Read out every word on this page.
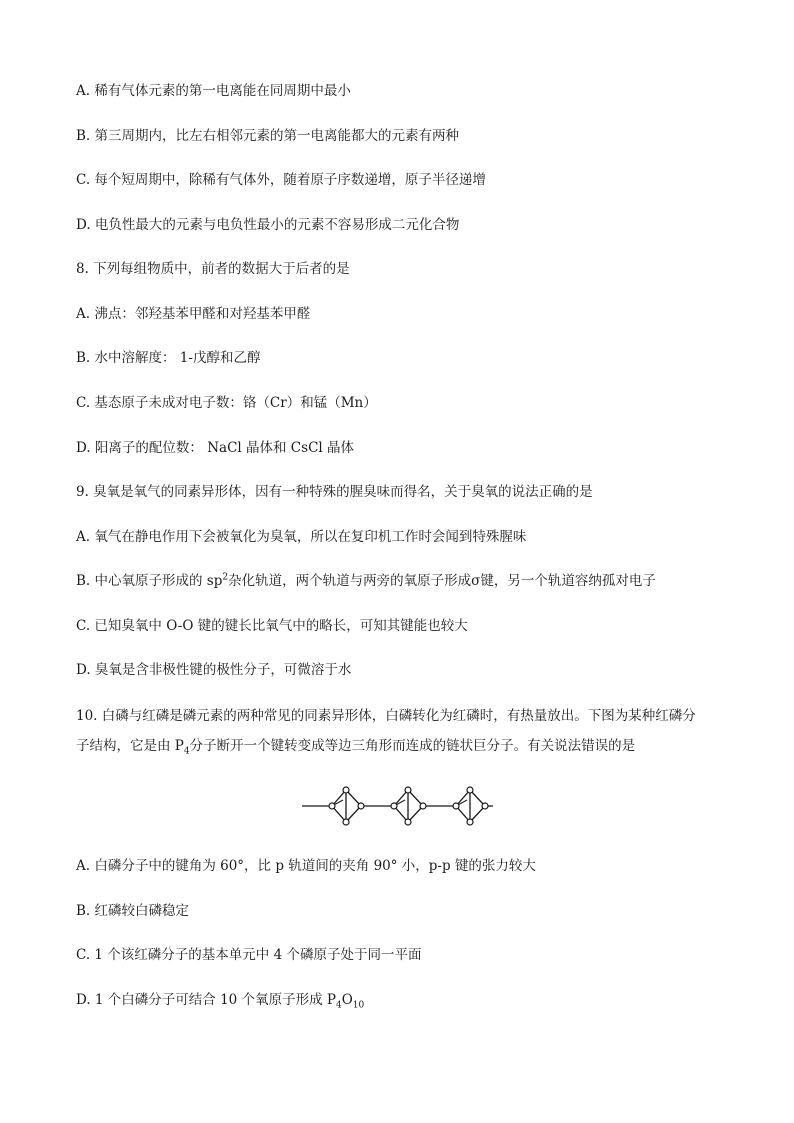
A. 稀有气体元素的第一电离能在同周期中最小
B. 第三周期内，比左右相邻元素的第一电离能都大的元素有两种
C. 每个短周期中，除稀有气体外，随着原子序数递增，原子半径递增
D. 电负性最大的元素与电负性最小的元素不容易形成二元化合物
8. 下列每组物质中，前者的数据大于后者的是
A. 沸点：邻羟基苯甲醛和对羟基苯甲醛
B. 水中溶解度： 1-戊醇和乙醇
C. 基态原子未成对电子数：铬（Cr）和锰（Mn）
D. 阳离子的配位数： NaCl 晶体和 CsCl 晶体
9. 臭氧是氧气的同素异形体，因有一种特殊的腥臭味而得名，关于臭氧的说法正确的是
A. 氧气在静电作用下会被氧化为臭氧，所以在复印机工作时会闻到特殊腥味
B. 中心氧原子形成的 $sp^2$杂化轨道，两个轨道与两旁的氧原子形成σ键，另一个轨道容纳孤对电子
C. 已知臭氧中 O-O 键的键长比氧气中的略长，可知其键能也较大
D. 臭氧是含非极性键的极性分子，可微溶于水
10. 白磷与红磷是磷元素的两种常见的同素异形体，白磷转化为红磷时，有热量放出。下图为某种红磷分
子结构，它是由 $P_4$分子断开一个键转变成等边三角形而连成的链状巨分子。有关说法错误的是
A. 白磷分子中的键角为 60°，比 p 轨道间的夹角 90° 小，p-p 键的张力较大
B. 红磷较白磷稳定
C. 1 个该红磷分子的基本单元中 4 个磷原子处于同一平面
D. 1 个白磷分子可结合 10 个氧原子形成 $P_4O_{10}$
